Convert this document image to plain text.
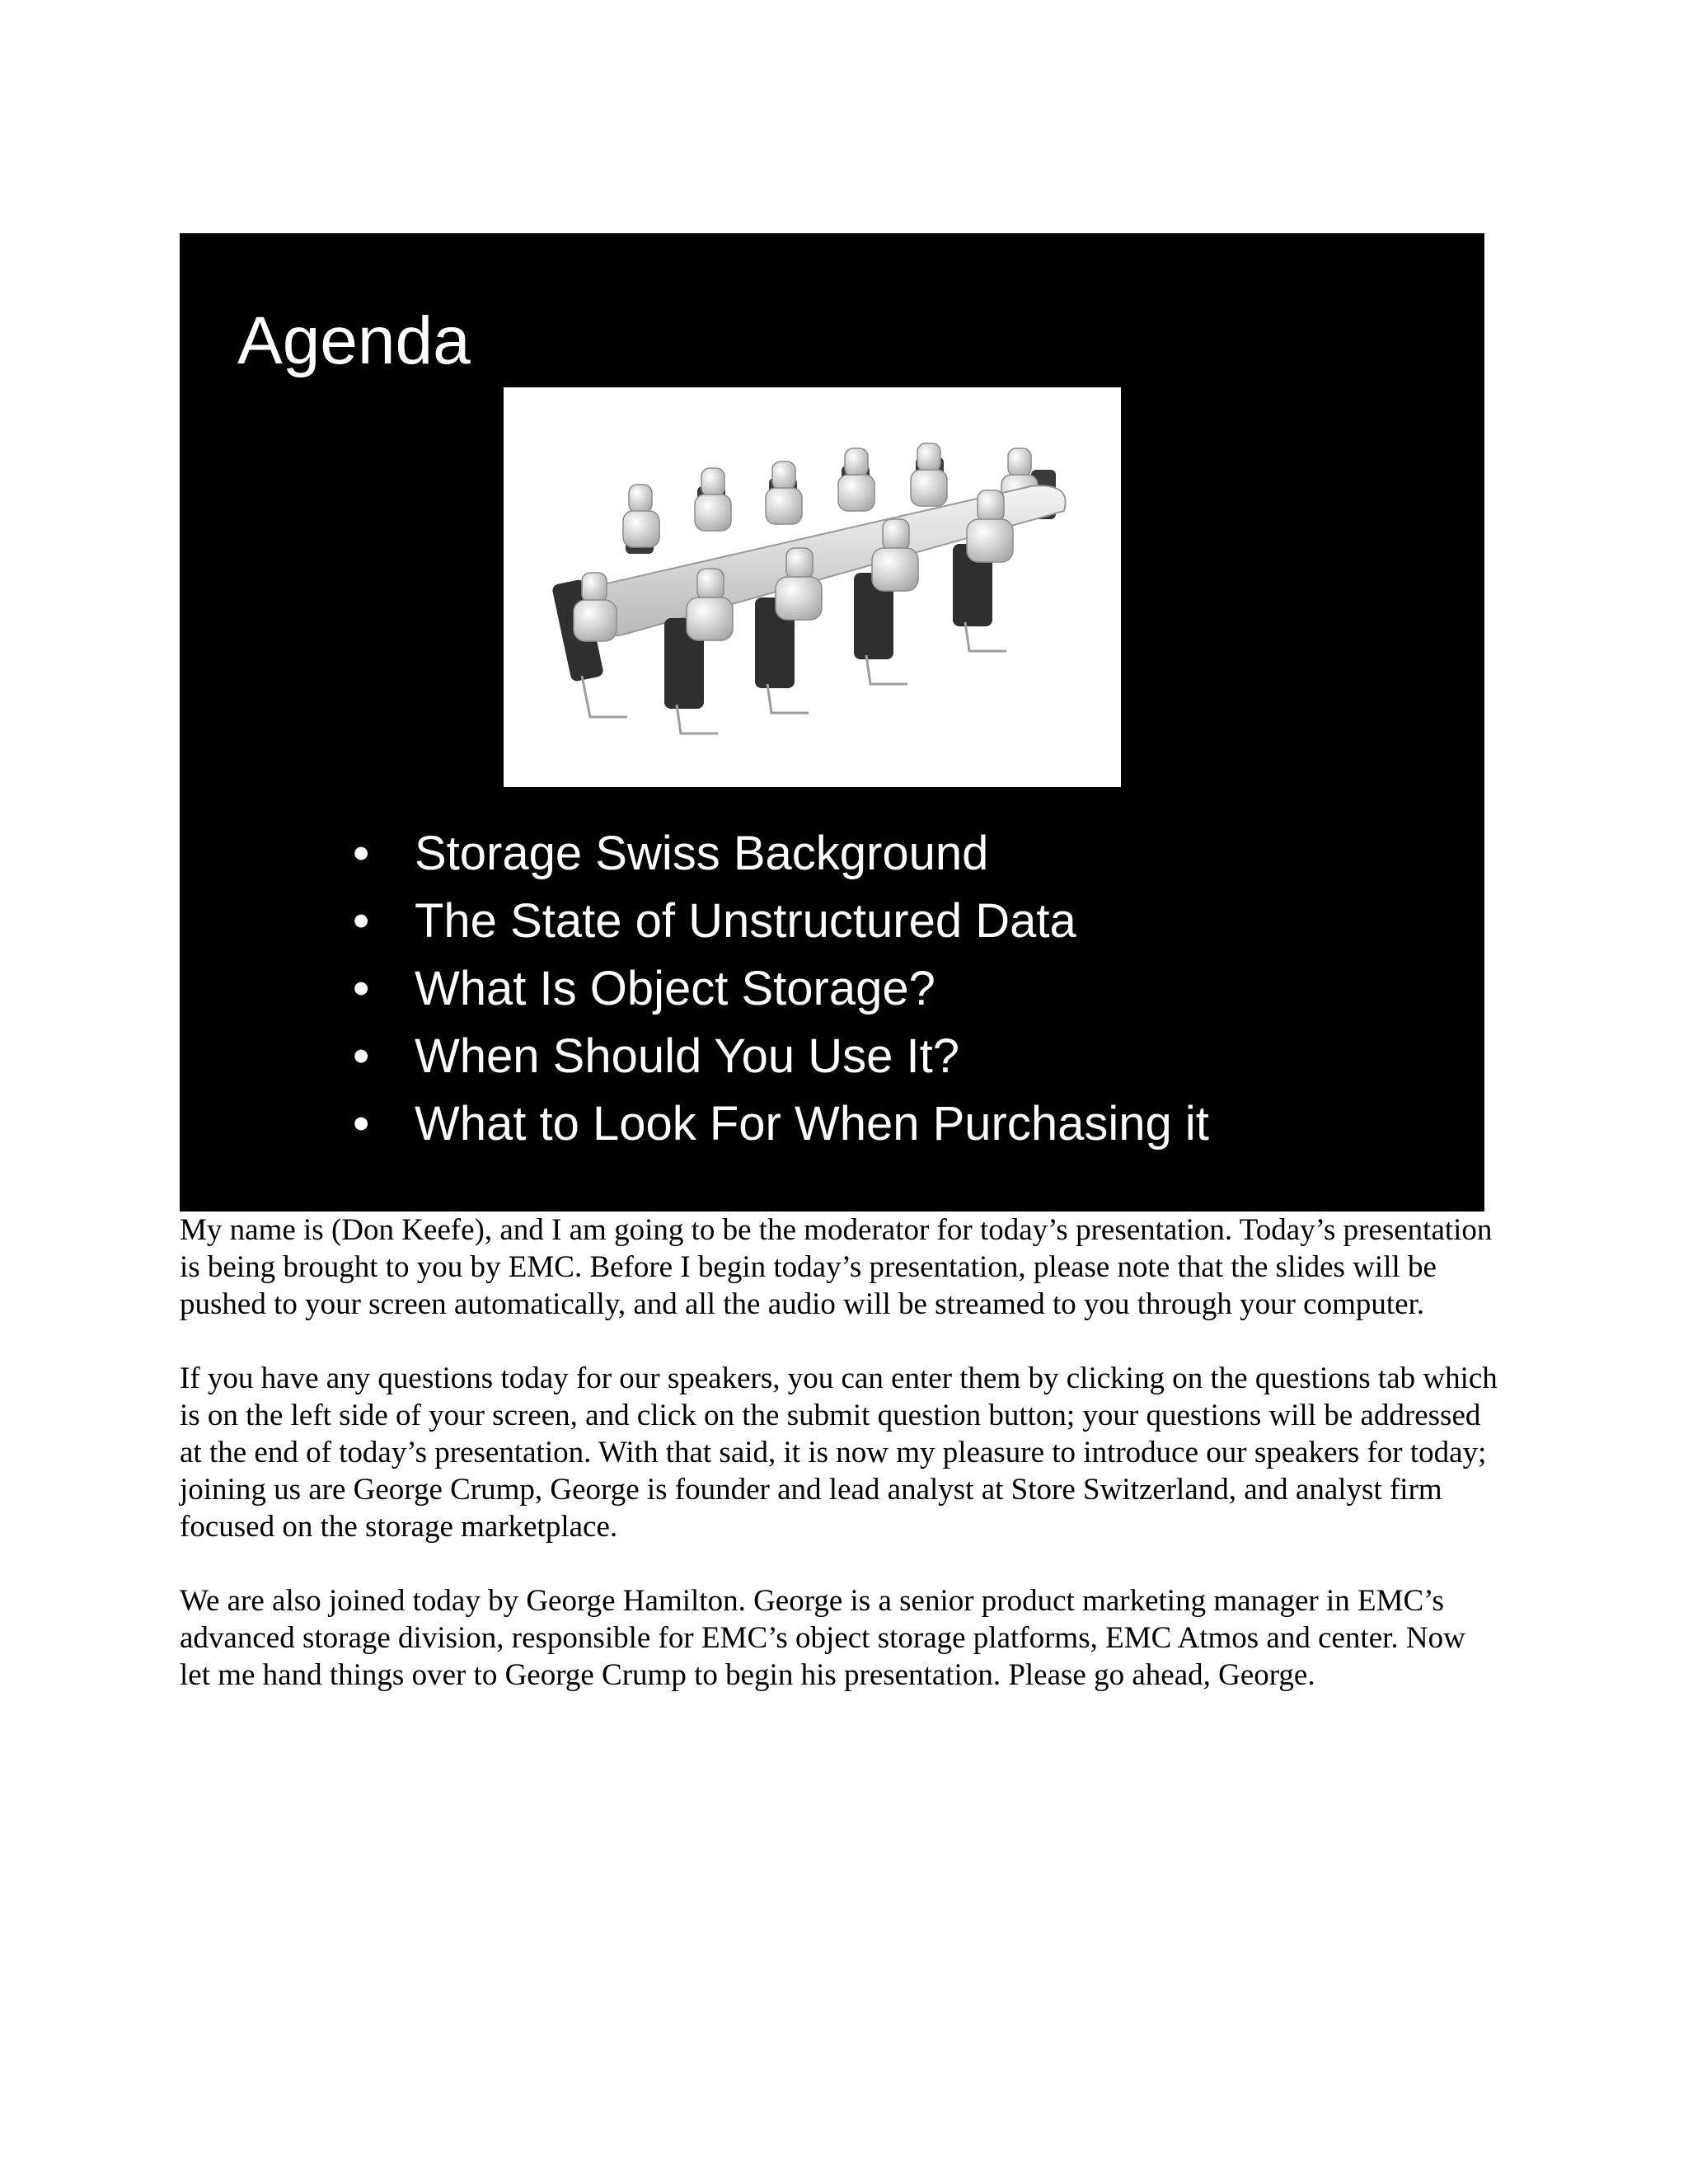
Agenda
• Storage Swiss Background
• The State of Unstructured Data
• What Is Object Storage?
• When Should You Use It?
• What to Look For When Purchasing it

My name is (Don Keefe), and I am going to be the moderator for today’s presentation. Today’s presentation is being brought to you by EMC. Before I begin today’s presentation, please note that the slides will be pushed to your screen automatically, and all the audio will be streamed to you through your computer.

If you have any questions today for our speakers, you can enter them by clicking on the questions tab which is on the left side of your screen, and click on the submit question button; your questions will be addressed at the end of today’s presentation. With that said, it is now my pleasure to introduce our speakers for today; joining us are George Crump, George is founder and lead analyst at Store Switzerland, and analyst firm focused on the storage marketplace.

We are also joined today by George Hamilton. George is a senior product marketing manager in EMC’s advanced storage division, responsible for EMC’s object storage platforms, EMC Atmos and center. Now let me hand things over to George Crump to begin his presentation. Please go ahead, George.
